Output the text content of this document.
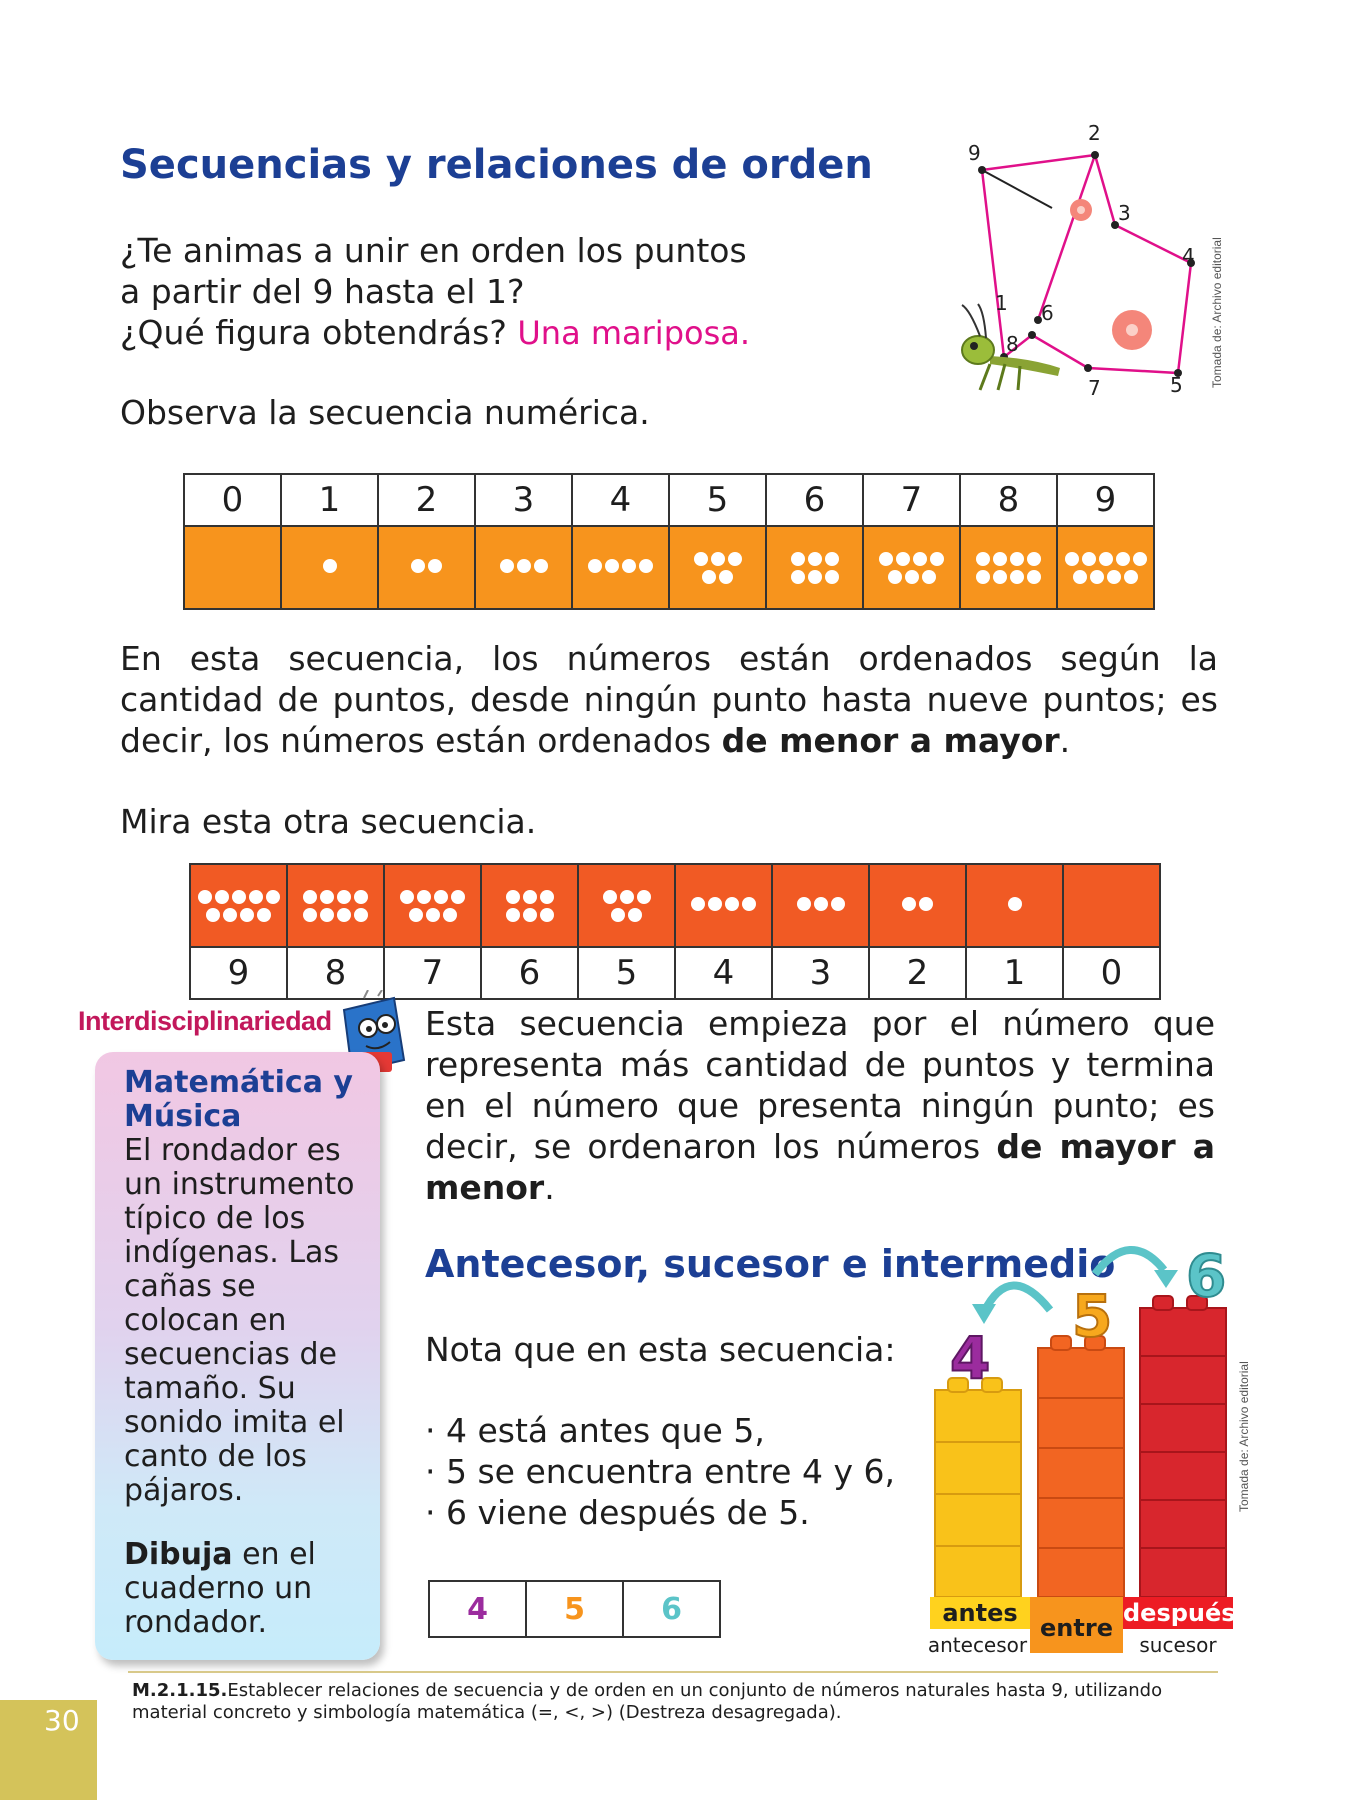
Secuencias y relaciones de orden
¿Te animas a unir en orden los puntos
a partir del 9 hasta el 1?
¿Qué figura obtendrás? Una mariposa.
9
2
3
4
1 6
8
7	5 Tomada de: Archivo editorial
Observa la secuencia numérica.
0	1	2	3	4	5	6	7	8	9

En esta secuencia, los números están ordenados según la cantidad de puntos, desde ningún punto hasta nueve puntos; es decir, los números están ordenados de menor a mayor.
Mira esta otra secuencia.

9	8	7	6	5	4	3	2	1	0
Interdisciplinariedad
Matemática y Música
El rondador es un instrumento típico de los indígenas. Las cañas se colocan en secuencias de tamaño. Su sonido imita el canto de los pájaros.
Dibuja en el cuaderno un rondador.
Esta secuencia empieza por el número que representa más cantidad de puntos y termina en el número que presenta ningún punto; es decir, se ordenaron los números de mayor a menor.
Antecesor, sucesor e intermedio
Nota que en esta secuencia:
· 4 está antes que 5,
· 5 se encuentra entre 4 y 6,
· 6 viene después de 5.
4	5	6
4
5
6
Tomada de: Archivo editorial
antes
entre
después
antecesor	sucesor
M.2.1.15.Establecer relaciones de secuencia y de orden en un conjunto de números naturales hasta 9, utilizando material concreto y simbología matemática (=, <, >) (Destreza desagregada).
30
